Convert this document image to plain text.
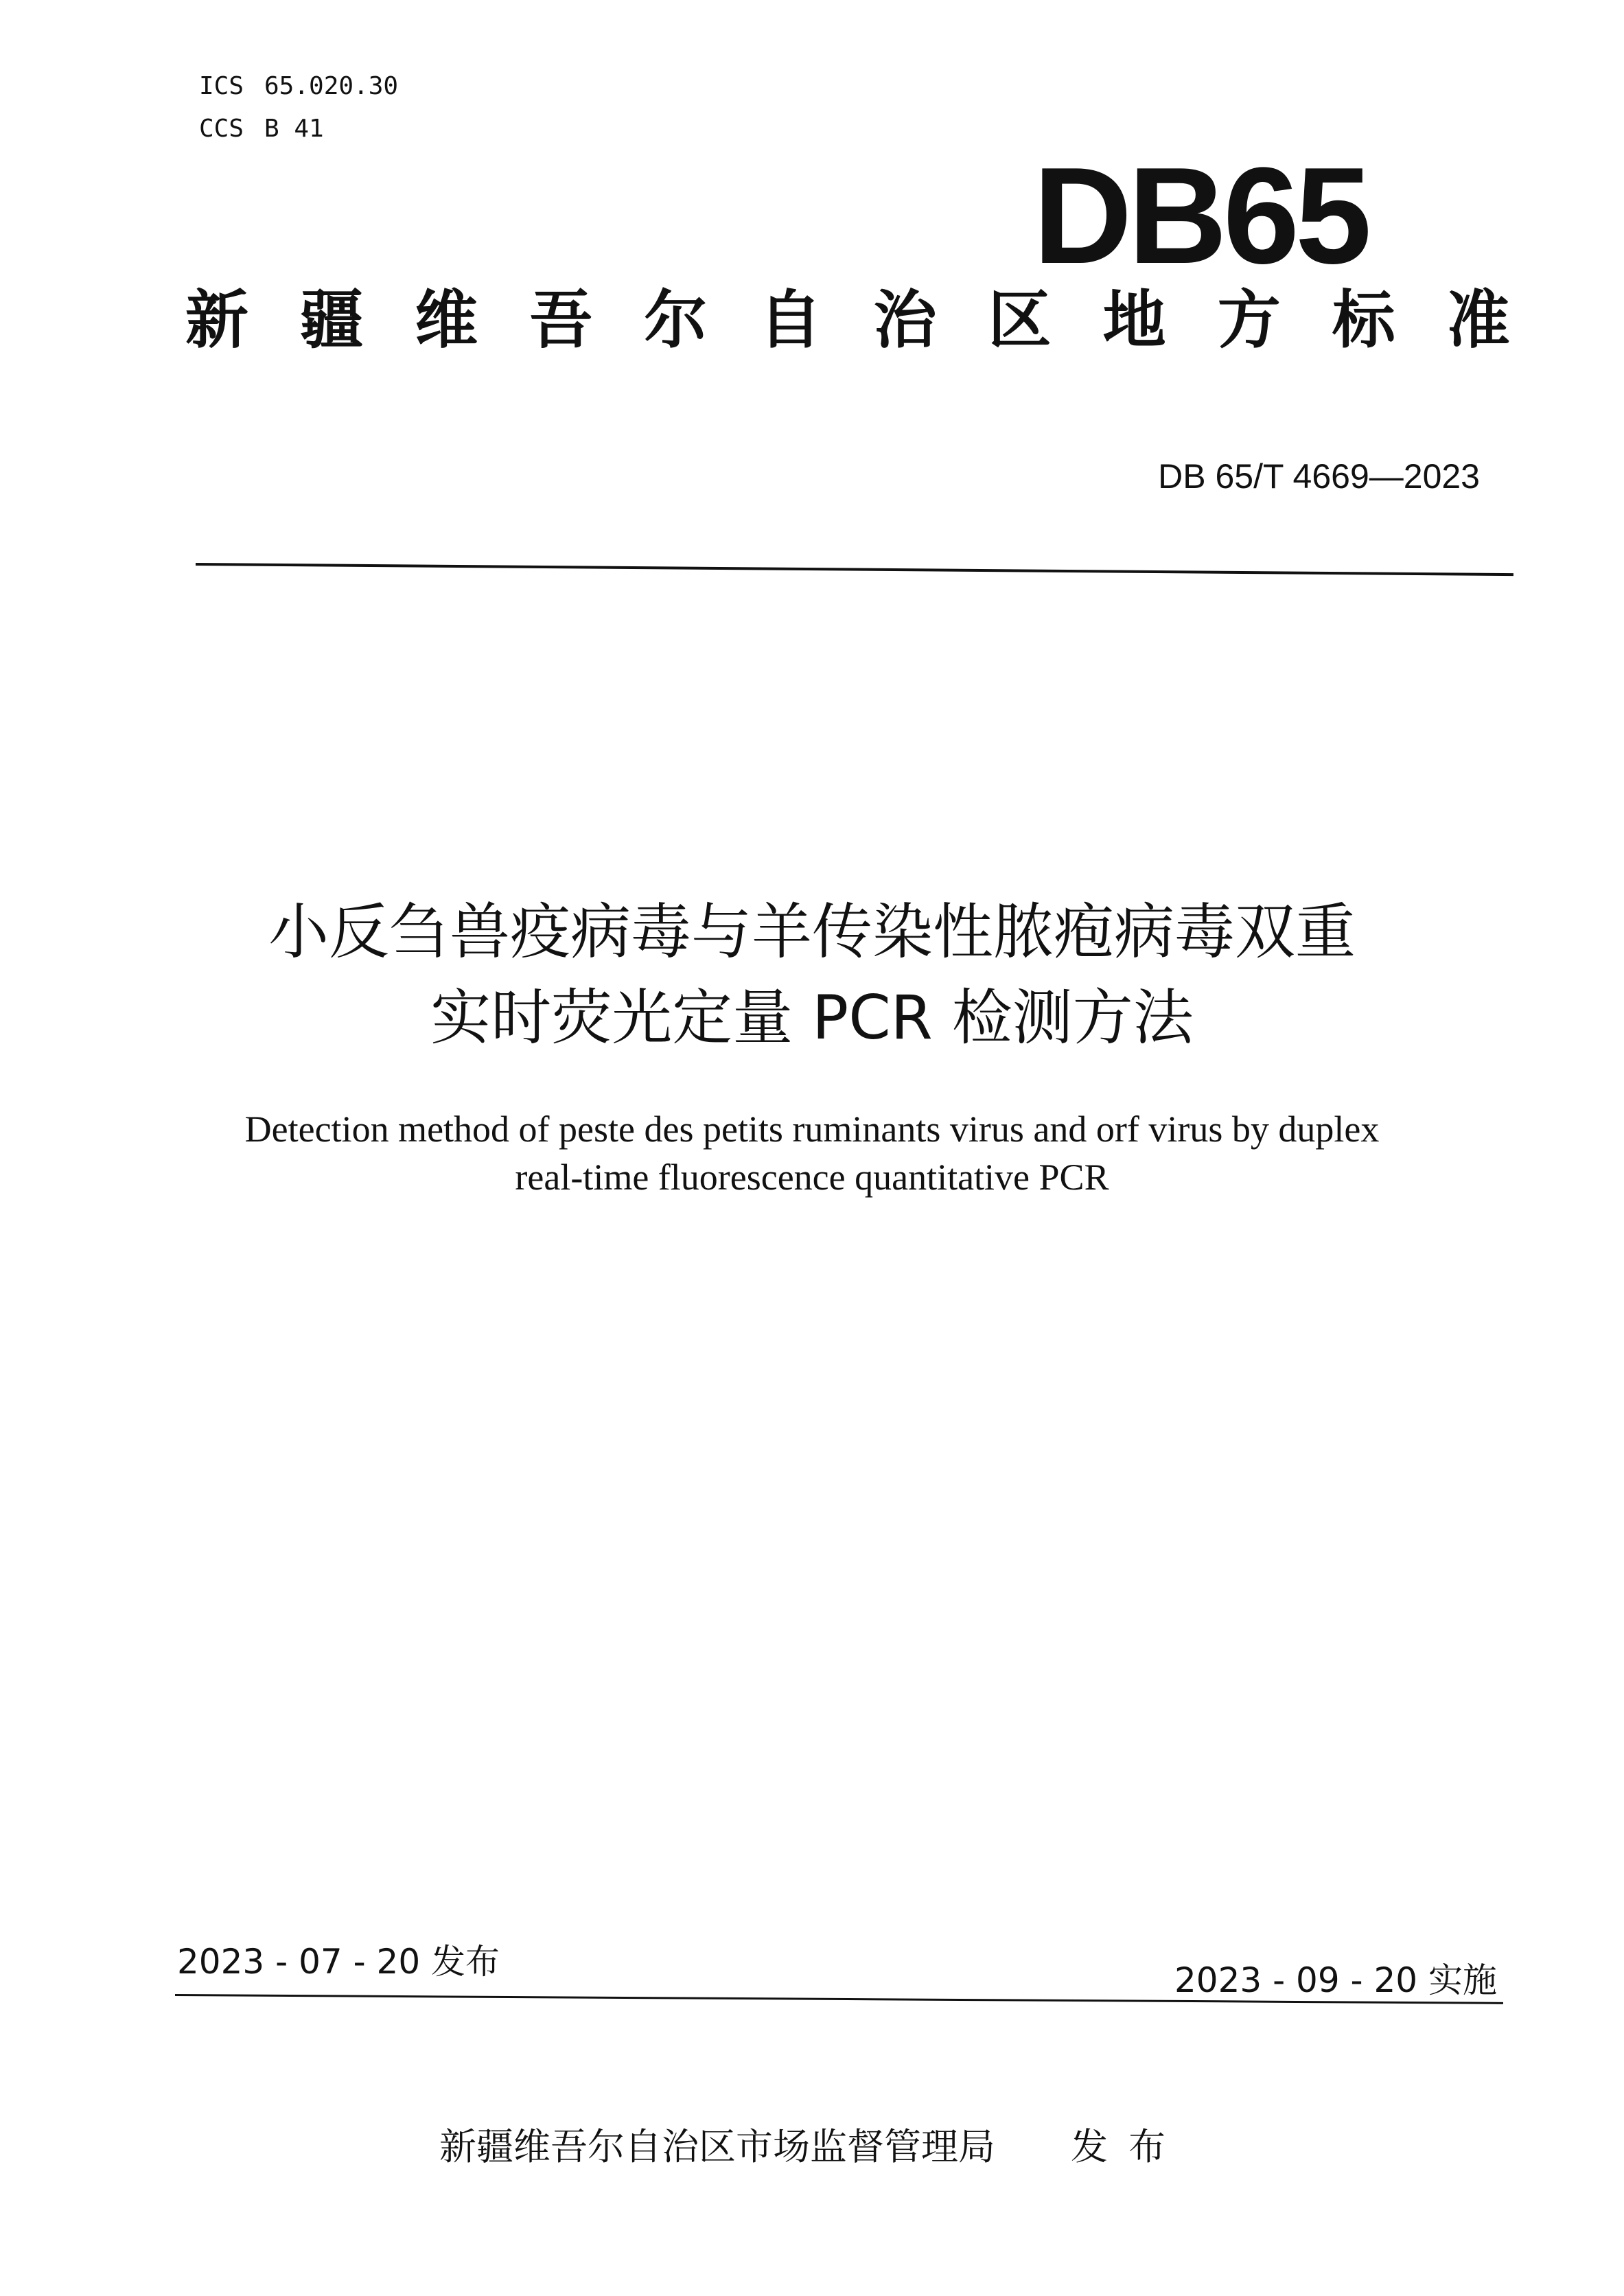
ICS 65.020.30
CCS B 41
DB65
新 疆 维 吾 尔 自 治 区 地 方 标 准
DB 65/T 4669—2023
小反刍兽疫病毒与羊传染性脓疱病毒双重
实时荧光定量 PCR 检测方法
Detection method of peste des petits ruminants virus and orf virus by duplex
real-time fluorescence quantitative PCR
2023 - 07 - 20 发布	2023 - 09 - 20 实施
新疆维吾尔自治区市场监督管理局 发布
